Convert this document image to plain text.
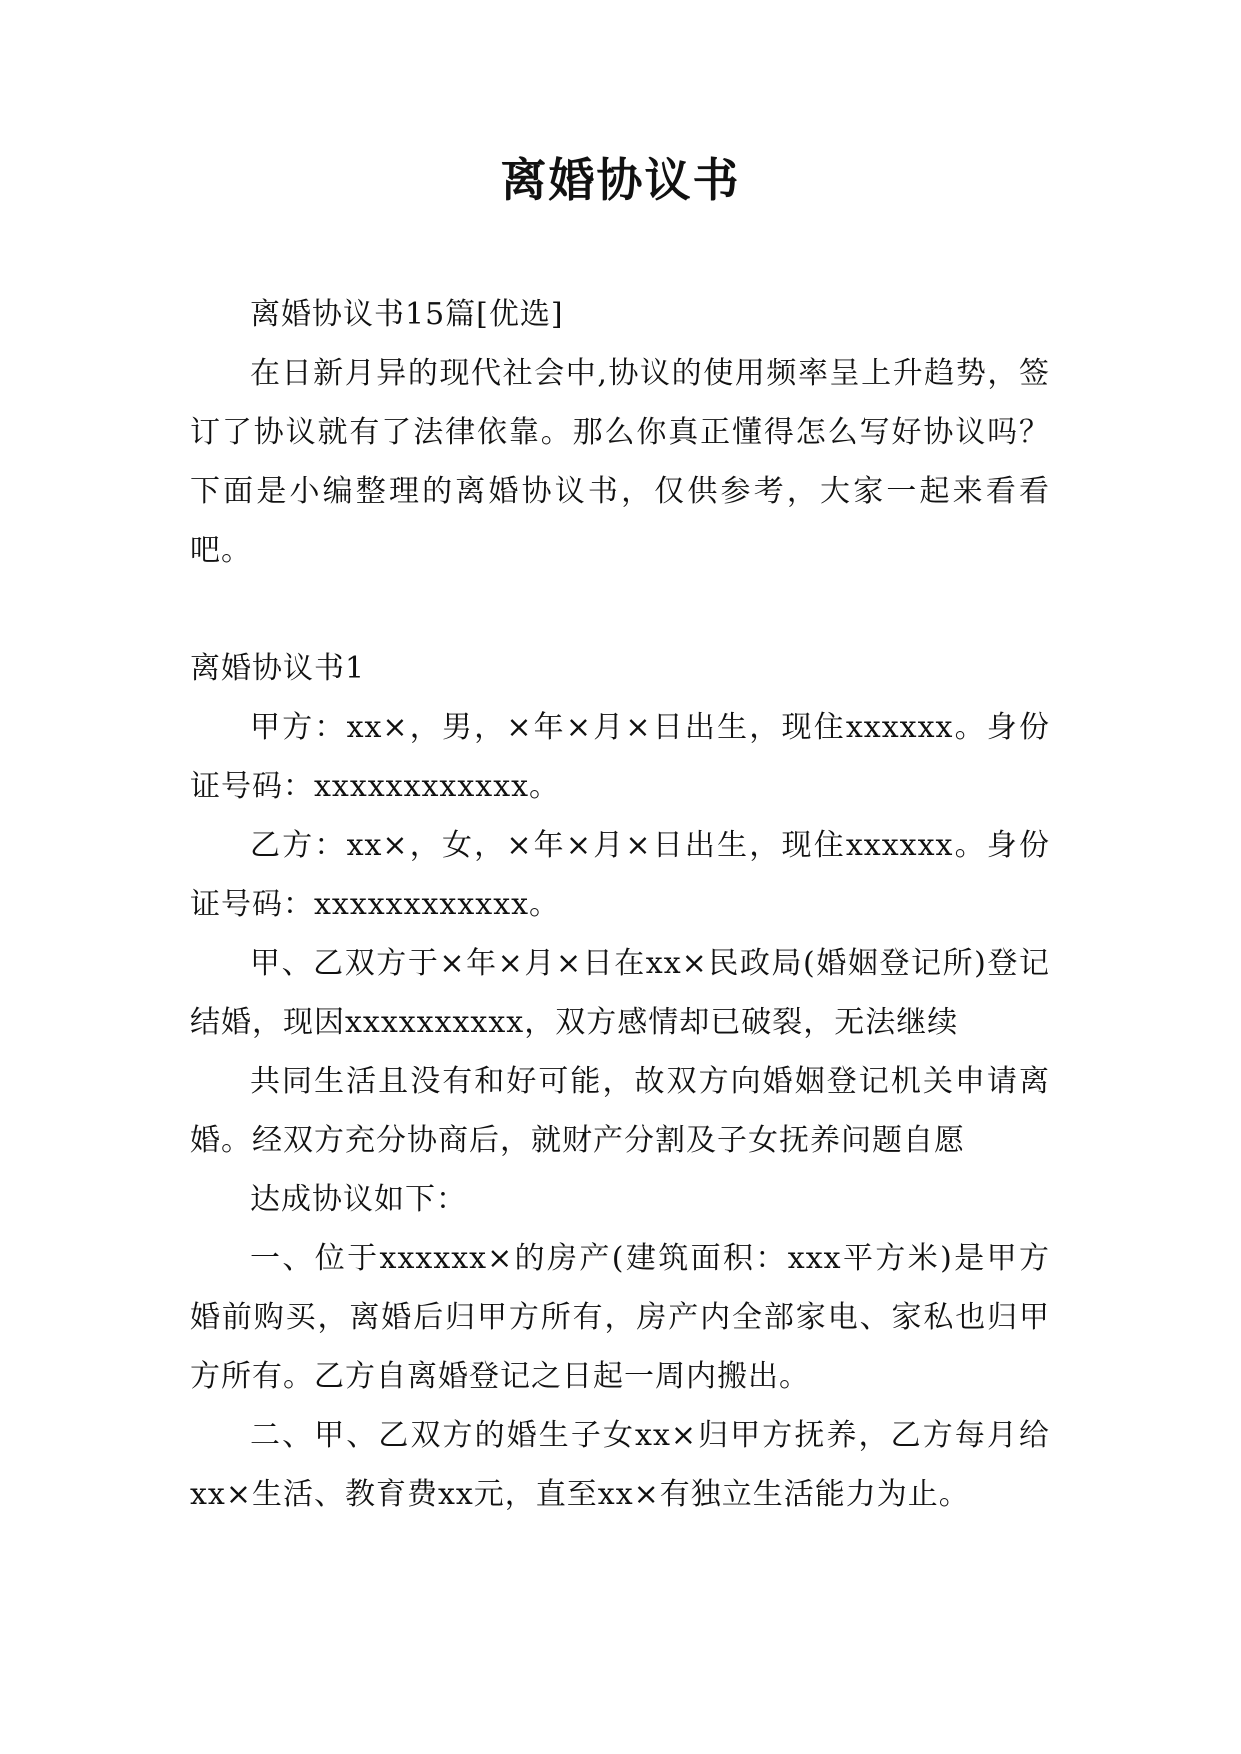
离婚协议书

离婚协议书15篇[优选]

在日新月异的现代社会中,协议的使用频率呈上升趋势，签订了协议就有了法律依靠。那么你真正懂得怎么写好协议吗？下面是小编整理的离婚协议书，仅供参考，大家一起来看看吧。

离婚协议书1

甲方：xx×，男，×年×月×日出生，现住xxxxxx。身份证号码：xxxxxxxxxxxx。

乙方：xx×，女，×年×月×日出生，现住xxxxxx。身份证号码：xxxxxxxxxxxx。

甲、乙双方于×年×月×日在xx×民政局(婚姻登记所)登记结婚，现因xxxxxxxxxx，双方感情却已破裂，无法继续

共同生活且没有和好可能，故双方向婚姻登记机关申请离婚。经双方充分协商后，就财产分割及子女抚养问题自愿

达成协议如下：

一、位于xxxxxx×的房产(建筑面积：xxx平方米)是甲方婚前购买，离婚后归甲方所有，房产内全部家电、家私也归甲方所有。乙方自离婚登记之日起一周内搬出。

二、甲、乙双方的婚生子女xx×归甲方抚养，乙方每月给xx×生活、教育费xx元，直至xx×有独立生活能力为止。
